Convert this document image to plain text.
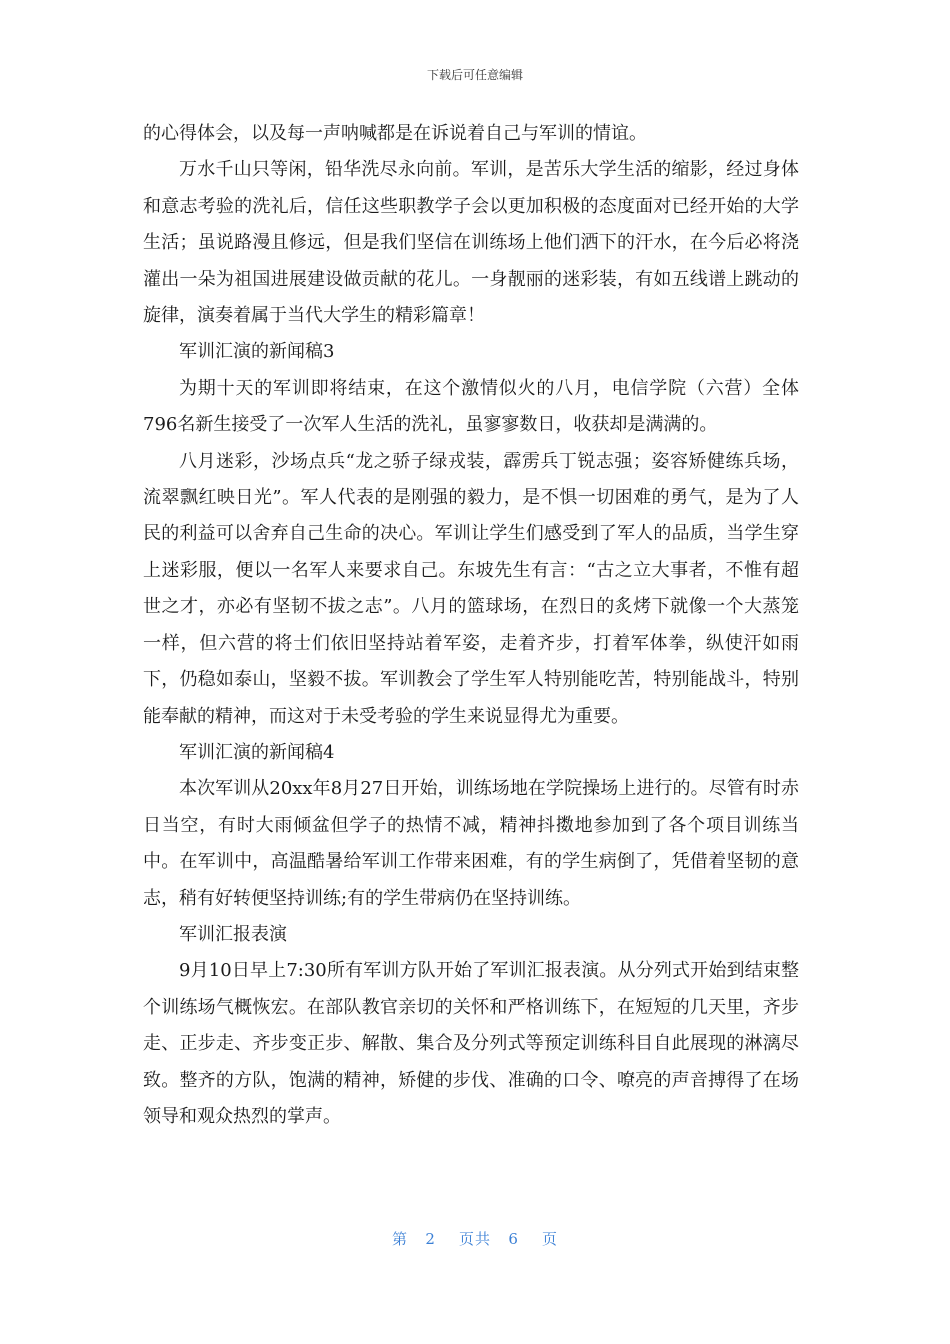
下载后可任意编辑

的心得体会，以及每一声呐喊都是在诉说着自己与军训的情谊。

万水千山只等闲，铅华洗尽永向前。军训，是苦乐大学生活的缩影，经过身体和意志考验的洗礼后，信任这些职教学子会以更加积极的态度面对已经开始的大学生活；虽说路漫且修远，但是我们坚信在训练场上他们洒下的汗水，在今后必将浇灌出一朵为祖国进展建设做贡献的花儿。一身靓丽的迷彩装，有如五线谱上跳动的旋律，演奏着属于当代大学生的精彩篇章！

军训汇演的新闻稿3

为期十天的军训即将结束，在这个激情似火的八月，电信学院（六营）全体796名新生接受了一次军人生活的洗礼，虽寥寥数日，收获却是满满的。

八月迷彩，沙场点兵“龙之骄子绿戎装，霹雳兵丁锐志强；姿容矫健练兵场，流翠飘红映日光”。军人代表的是刚强的毅力，是不惧一切困难的勇气，是为了人民的利益可以舍弃自己生命的决心。军训让学生们感受到了军人的品质，当学生穿上迷彩服，便以一名军人来要求自己。东坡先生有言：“古之立大事者，不惟有超世之才，亦必有坚韧不拔之志”。八月的篮球场，在烈日的炙烤下就像一个大蒸笼一样，但六营的将士们依旧坚持站着军姿，走着齐步，打着军体拳，纵使汗如雨下，仍稳如泰山，坚毅不拔。军训教会了学生军人特别能吃苦，特别能战斗，特别能奉献的精神，而这对于未受考验的学生来说显得尤为重要。

军训汇演的新闻稿4

本次军训从20xx年8月27日开始，训练场地在学院操场上进行的。尽管有时赤日当空，有时大雨倾盆但学子的热情不减，精神抖擞地参加到了各个项目训练当中。在军训中，高温酷暑给军训工作带来困难，有的学生病倒了，凭借着坚韧的意志，稍有好转便坚持训练;有的学生带病仍在坚持训练。

军训汇报表演

9月10日早上7:30所有军训方队开始了军训汇报表演。从分列式开始到结束整个训练场气概恢宏。在部队教官亲切的关怀和严格训练下，在短短的几天里，齐步走、正步走、齐步变正步、解散、集合及分列式等预定训练科目自此展现的淋漓尽致。整齐的方队，饱满的精神，矫健的步伐、准确的口令、嘹亮的声音搏得了在场领导和观众热烈的掌声。

第 2 页共 6 页
